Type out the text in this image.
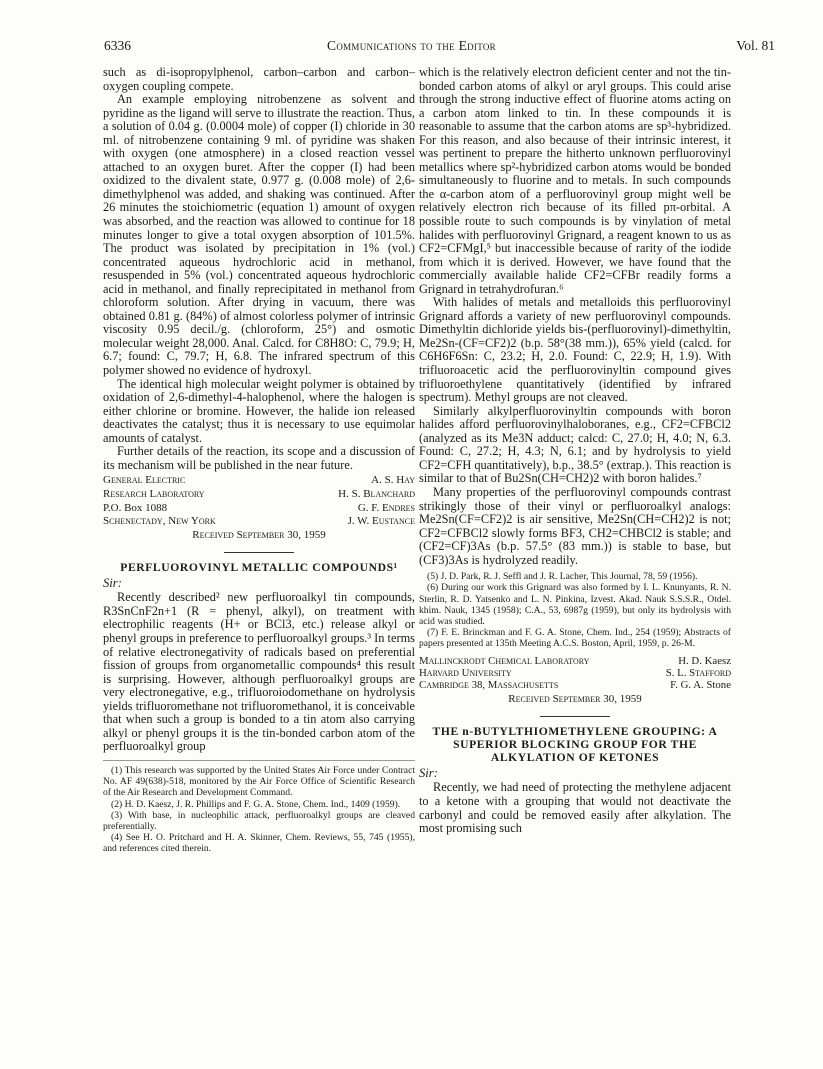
6336	Communications to the Editor	Vol. 81

such as di-isopropylphenol, carbon–carbon and carbon–oxygen coupling compete.

An example employing nitrobenzene as solvent and pyridine as the ligand will serve to illustrate the reaction. Thus, a solution of 0.04 g. (0.0004 mole) of copper (I) chloride in 30 ml. of nitrobenzene containing 9 ml. of pyridine was shaken with oxygen (one atmosphere) in a closed reaction vessel attached to an oxygen buret. After the copper (I) had been oxidized to the divalent state, 0.977 g. (0.008 mole) of 2,6-dimethylphenol was added, and shaking was continued. After 26 minutes the stoichiometric (equation 1) amount of oxygen was absorbed, and the reaction was allowed to continue for 18 minutes longer to give a total oxygen absorption of 101.5%. The product was isolated by precipitation in 1% (vol.) concentrated aqueous hydrochloric acid in methanol, resuspended in 5% (vol.) concentrated aqueous hydrochloric acid in methanol, and finally reprecipitated in methanol from chloroform solution. After drying in vacuum, there was obtained 0.81 g. (84%) of almost colorless polymer of intrinsic viscosity 0.95 decil./g. (chloroform, 25°) and osmotic molecular weight 28,000. Anal. Calcd. for C8H8O: C, 79.9; H, 6.7; found: C, 79.7; H, 6.8. The infrared spectrum of this polymer showed no evidence of hydroxyl.

The identical high molecular weight polymer is obtained by oxidation of 2,6-dimethyl-4-halophenol, where the halogen is either chlorine or bromine. However, the halide ion released deactivates the catalyst; thus it is necessary to use equimolar amounts of catalyst.

Further details of the reaction, its scope and a discussion of its mechanism will be published in the near future.

General Electric	A. S. Hay
Research Laboratory	H. S. Blanchard
P.O. Box 1088	G. F. Endres
Schenectady, New York	J. W. Eustance
Received September 30, 1959
PERFLUOROVINYL METALLIC COMPOUNDS¹
Sir:

Recently described² new perfluoroalkyl tin compounds, R3SnCnF2n+1 (R = phenyl, alkyl), on treatment with electrophilic reagents (H+ or BCl3, etc.) release alkyl or phenyl groups in preference to perfluoroalkyl groups.³ In terms of relative electronegativity of radicals based on preferential fission of groups from organometallic compounds⁴ this result is surprising. However, although perfluoroalkyl groups are very electronegative, e.g., trifluoroiodomethane on hydrolysis yields trifluoromethane not trifluoromethanol, it is conceivable that when such a group is bonded to a tin atom also carrying alkyl or phenyl groups it is the tin-bonded carbon atom of the perfluoroalkyl group

(1) This research was supported by the United States Air Force under Contract No. AF 49(638)-518, monitored by the Air Force Office of Scientific Research of the Air Research and Development Command.

(2) H. D. Kaesz, J. R. Phillips and F. G. A. Stone, Chem. Ind., 1409 (1959).

(3) With base, in nucleophilic attack, perfluoroalkyl groups are cleaved preferentially.

(4) See H. O. Pritchard and H. A. Skinner, Chem. Reviews, 55, 745 (1955), and references cited therein.

which is the relatively electron deficient center and not the tin-bonded carbon atoms of alkyl or aryl groups. This could arise through the strong inductive effect of fluorine atoms acting on a carbon atom linked to tin. In these compounds it is reasonable to assume that the carbon atoms are sp³-hybridized. For this reason, and also because of their intrinsic interest, it was pertinent to prepare the hitherto unknown perfluorovinyl metallics where sp²-hybridized carbon atoms would be bonded simultaneously to fluorine and to metals. In such compounds the α-carbon atom of a perfluorovinyl group might well be relatively electron rich because of its filled pπ-orbital. A possible route to such compounds is by vinylation of metal halides with perfluorovinyl Grignard, a reagent known to us as CF2=CFMgI,⁵ but inaccessible because of rarity of the iodide from which it is derived. However, we have found that the commercially available halide CF2=CFBr readily forms a Grignard in tetrahydrofuran.⁶

With halides of metals and metalloids this perfluorovinyl Grignard affords a variety of new perfluorovinyl compounds. Dimethyltin dichloride yields bis-(perfluorovinyl)-dimethyltin, Me2Sn-(CF=CF2)2 (b.p. 58°(38 mm.)), 65% yield (calcd. for C6H6F6Sn: C, 23.2; H, 2.0. Found: C, 22.9; H, 1.9). With trifluoroacetic acid the perfluorovinyltin compound gives trifluoroethylene quantitatively (identified by infrared spectrum). Methyl groups are not cleaved.

Similarly alkylperfluorovinyltin compounds with boron halides afford perfluorovinylhaloboranes, e.g., CF2=CFBCl2 (analyzed as its Me3N adduct; calcd: C, 27.0; H, 4.0; N, 6.3. Found: C, 27.2; H, 4.3; N, 6.1; and by hydrolysis to yield CF2=CFH quantitatively), b.p., 38.5° (extrap.). This reaction is similar to that of Bu2Sn(CH=CH2)2 with boron halides.⁷

Many properties of the perfluorovinyl compounds contrast strikingly those of their vinyl or perfluoroalkyl analogs: Me2Sn(CF=CF2)2 is air sensitive, Me2Sn(CH=CH2)2 is not; CF2=CFBCl2 slowly forms BF3, CH2=CHBCl2 is stable; and (CF2=CF)3As (b.p. 57.5° (83 mm.)) is stable to base, but (CF3)3As is hydrolyzed readily.

(5) J. D. Park, R. J. Seffl and J. R. Lacher, This Journal, 78, 59 (1956).

(6) During our work this Grignard was also formed by I. L. Knunyants, R. N. Sterlin, R. D. Yatsenko and L. N. Pinkina, Izvest. Akad. Nauk S.S.S.R., Otdel. khim. Nauk, 1345 (1958); C.A., 53, 6987g (1959), but only its hydrolysis with acid was studied.

(7) F. E. Brinckman and F. G. A. Stone, Chem. Ind., 254 (1959); Abstracts of papers presented at 135th Meeting A.C.S. Boston, April, 1959, p. 26-M.

Mallinckrodt Chemical Laboratory	H. D. Kaesz
Harvard University	S. L. Stafford
Cambridge 38, Massachusetts	F. G. A. Stone
Received September 30, 1959
THE n-BUTYLTHIOMETHYLENE GROUPING: A SUPERIOR BLOCKING GROUP FOR THE ALKYLATION OF KETONES
Sir:

Recently, we had need of protecting the methylene adjacent to a ketone with a grouping that would not deactivate the carbonyl and could be removed easily after alkylation. The most promising such
